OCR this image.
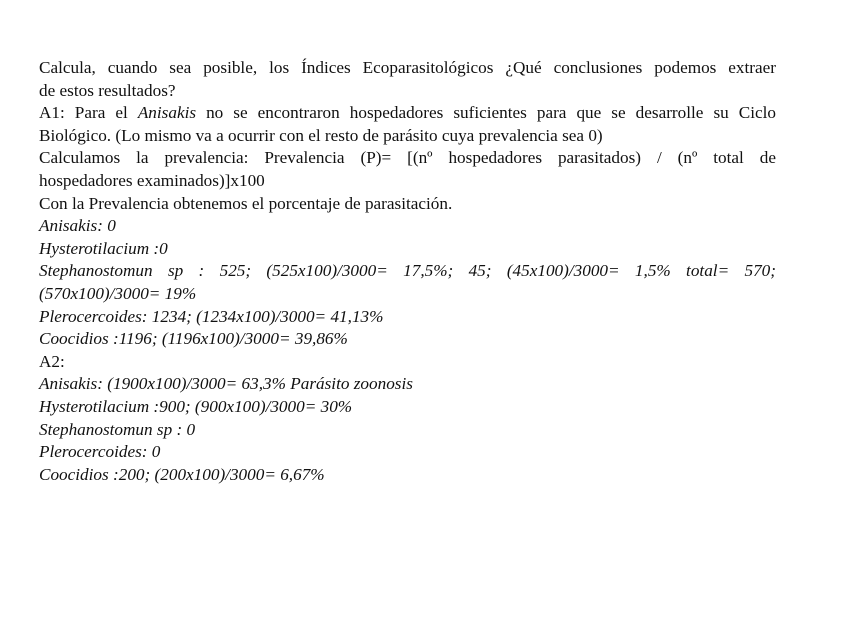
Calcula, cuando sea posible, los Índices Ecoparasitológicos ¿Qué conclusiones podemos extraer
de estos resultados?
A1: Para el Anisakis no se encontraron hospedadores suficientes para que se desarrolle su Ciclo
Biológico. (Lo mismo va a ocurrir con el resto de parásito cuya prevalencia sea 0)
Calculamos la prevalencia: Prevalencia (P)= [(nº hospedadores parasitados) / (nº total de
hospedadores examinados)]x100
Con la Prevalencia obtenemos el porcentaje de parasitación.
Anisakis: 0
Hysterotilacium :0
Stephanostomun sp : 525; (525x100)/3000= 17,5%; 45; (45x100)/3000= 1,5% total= 570;
(570x100)/3000= 19%
Plerocercoides: 1234; (1234x100)/3000= 41,13%
Coocidios :1196; (1196x100)/3000= 39,86%
A2:
Anisakis: (1900x100)/3000= 63,3% Parásito zoonosis
Hysterotilacium :900; (900x100)/3000= 30%
Stephanostomun sp : 0
Plerocercoides: 0
Coocidios :200; (200x100)/3000= 6,67%
